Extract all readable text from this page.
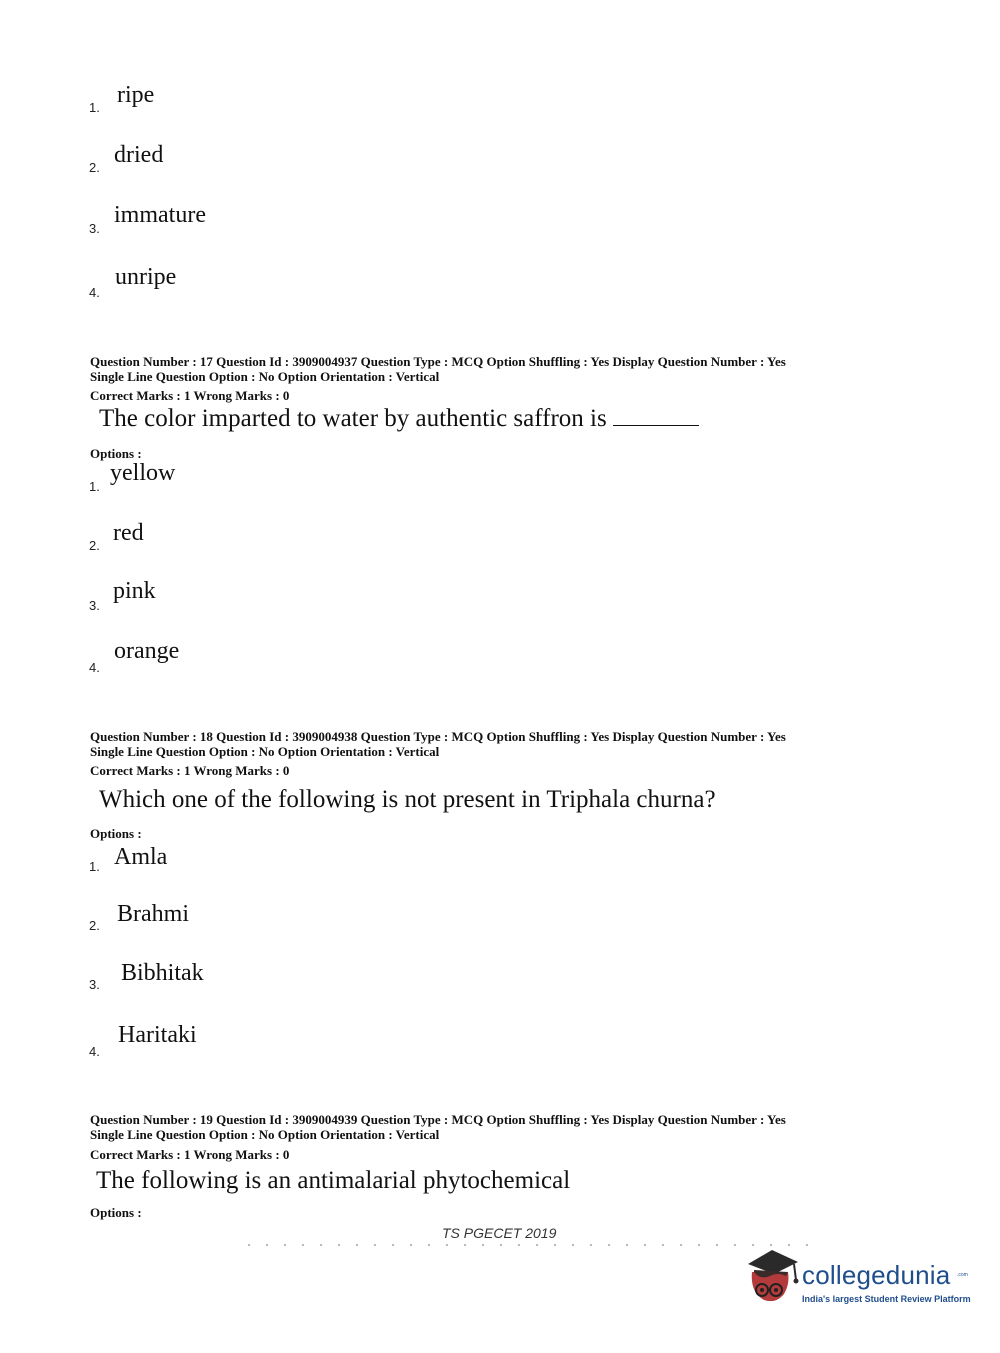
1. ripe
2. dried
3.
immature
4.
unripe
Question Number : 17 Question Id : 3909004937 Question Type : MCQ Option Shuffling : Yes Display Question Number : Yes
Single Line Question Option : No Option Orientation : Vertical
Correct Marks : 1 Wrong Marks : 0
The color imparted to water by authentic saffron is
Options :
1.
yellow
2. red
3.
pink
4.
orange
Question Number : 18 Question Id : 3909004938 Question Type : MCQ Option Shuffling : Yes Display Question Number : Yes
Single Line Question Option : No Option Orientation : Vertical
Correct Marks : 1 Wrong Marks : 0
Which one of the following is not present in Triphala churna?
Options :
1. Amla
2. Brahmi
3. Bibhitak
4.
Haritaki
Question Number : 19 Question Id : 3909004939 Question Type : MCQ Option Shuffling : Yes Display Question Number : Yes
Single Line Question Option : No Option Orientation : Vertical
Correct Marks : 1 Wrong Marks : 0
The following is an antimalarial phytochemical
Options :
TS PGECET 2019
collegedunia .com
India's largest Student Review Platform
